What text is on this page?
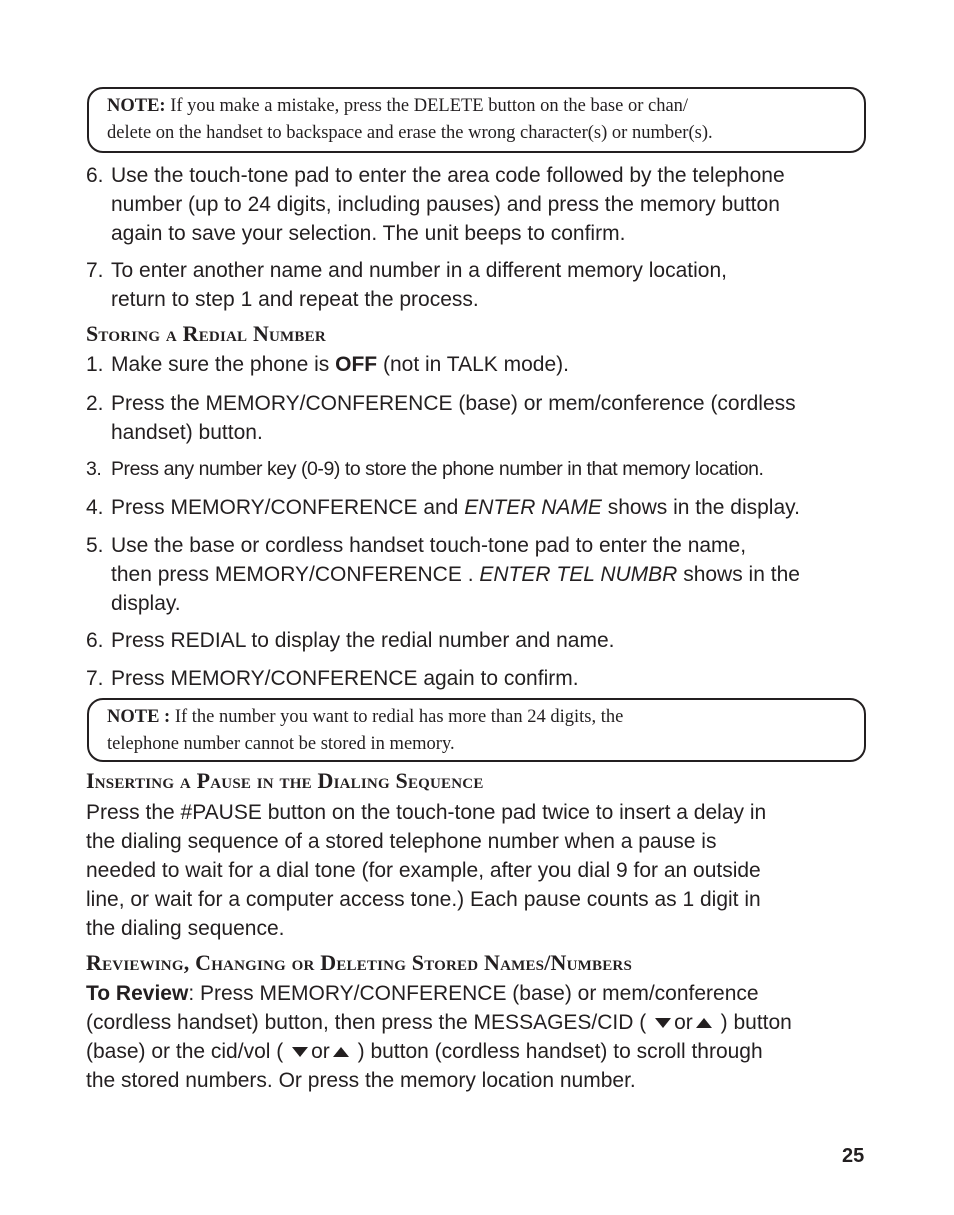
NOTE: If you make a mistake, press the DELETE button on the base or chan/
delete on the handset to backspace and erase the wrong character(s) or number(s).
6. Use the touch-tone pad to enter the area code followed by the telephone
number (up to 24 digits, including pauses) and press the memory button
again to save your selection. The unit beeps to confirm.
7. To enter another name and number in a different memory location,
return to step 1 and repeat the process.
Storing a Redial Number
1. Make sure the phone is OFF (not in TALK mode).
2. Press the MEMORY/CONFERENCE (base) or mem/conference (cordless
handset) button.
3. Press any number key (0-9) to store the phone number in that memory location.
4. Press MEMORY/CONFERENCE and ENTER NAME shows in the display.
5. Use the base or cordless handset touch-tone pad to enter the name,
then press MEMORY/CONFERENCE . ENTER TEL NUMBR shows in the
display.
6. Press REDIAL to display the redial number and name.
7. Press MEMORY/CONFERENCE again to confirm.
NOTE : If the number you want to redial has more than 24 digits, the
telephone number cannot be stored in memory.
Inserting a Pause in the Dialing Sequence
Press the #PAUSE button on the touch-tone pad twice to insert a delay in
the dialing sequence of a stored telephone number when a pause is
needed to wait for a dial tone (for example, after you dial 9 for an outside
line, or wait for a computer access tone.) Each pause counts as 1 digit in
the dialing sequence.
Reviewing, Changing or Deleting Stored Names/Numbers
To Review: Press MEMORY/CONFERENCE (base) or mem/conference
(cordless handset) button, then press the MESSAGES/CID ( or ) button
(base) or the cid/vol ( or ) button (cordless handset) to scroll through
the stored numbers. Or press the memory location number.
25
